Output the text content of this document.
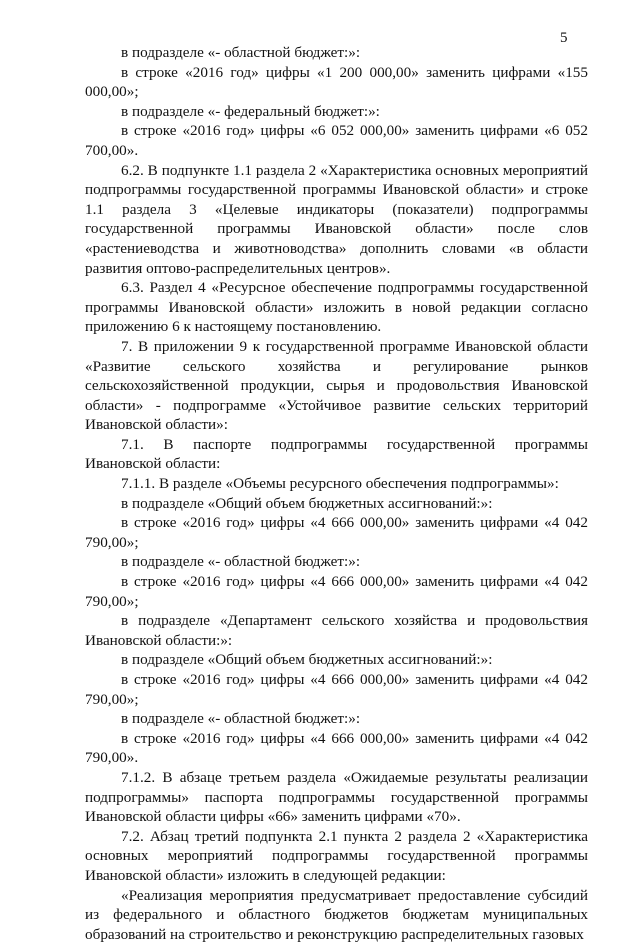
5

в подразделе «- областной бюджет:»:

в строке «2016 год» цифры «1 200 000,00» заменить цифрами «155 000,00»;

в подразделе «- федеральный бюджет:»:

в строке «2016 год» цифры «6 052 000,00» заменить цифрами «6 052 700,00».

6.2. В подпункте 1.1 раздела 2 «Характеристика основных мероприятий подпрограммы государственной программы Ивановской области» и строке 1.1 раздела 3 «Целевые индикаторы (показатели) подпрограммы государственной программы Ивановской области» после слов «растениеводства и животноводства» дополнить словами «в области развития оптово-распределительных центров».

6.3. Раздел 4 «Ресурсное обеспечение подпрограммы государственной программы Ивановской области» изложить в новой редакции согласно приложению 6 к настоящему постановлению.

7. В приложении 9 к государственной программе Ивановской области «Развитие сельского хозяйства и регулирование рынков сельскохозяйственной продукции, сырья и продовольствия Ивановской области» - подпрограмме «Устойчивое развитие сельских территорий Ивановской области»:

7.1. В паспорте подпрограммы государственной программы Ивановской области:

7.1.1. В разделе «Объемы ресурсного обеспечения подпрограммы»:

в подразделе «Общий объем бюджетных ассигнований:»:

в строке «2016 год» цифры «4 666 000,00» заменить цифрами «4 042 790,00»;

в подразделе «- областной бюджет:»:

в строке «2016 год» цифры «4 666 000,00» заменить цифрами «4 042 790,00»;

в подразделе «Департамент сельского хозяйства и продовольствия Ивановской области:»:

в подразделе «Общий объем бюджетных ассигнований:»:

в строке «2016 год» цифры «4 666 000,00» заменить цифрами «4 042 790,00»;

в подразделе «- областной бюджет:»:

в строке «2016 год» цифры «4 666 000,00» заменить цифрами «4 042 790,00».

7.1.2. В абзаце третьем раздела «Ожидаемые результаты реализации подпрограммы» паспорта подпрограммы государственной программы Ивановской области цифры «66» заменить цифрами «70».

7.2. Абзац третий подпункта 2.1 пункта 2 раздела 2 «Характеристика основных мероприятий подпрограммы государственной программы Ивановской области» изложить в следующей редакции:

«Реализация мероприятия предусматривает предоставление субсидий из федерального и областного бюджетов бюджетам муниципальных образований на строительство и реконструкцию распределительных газовых
